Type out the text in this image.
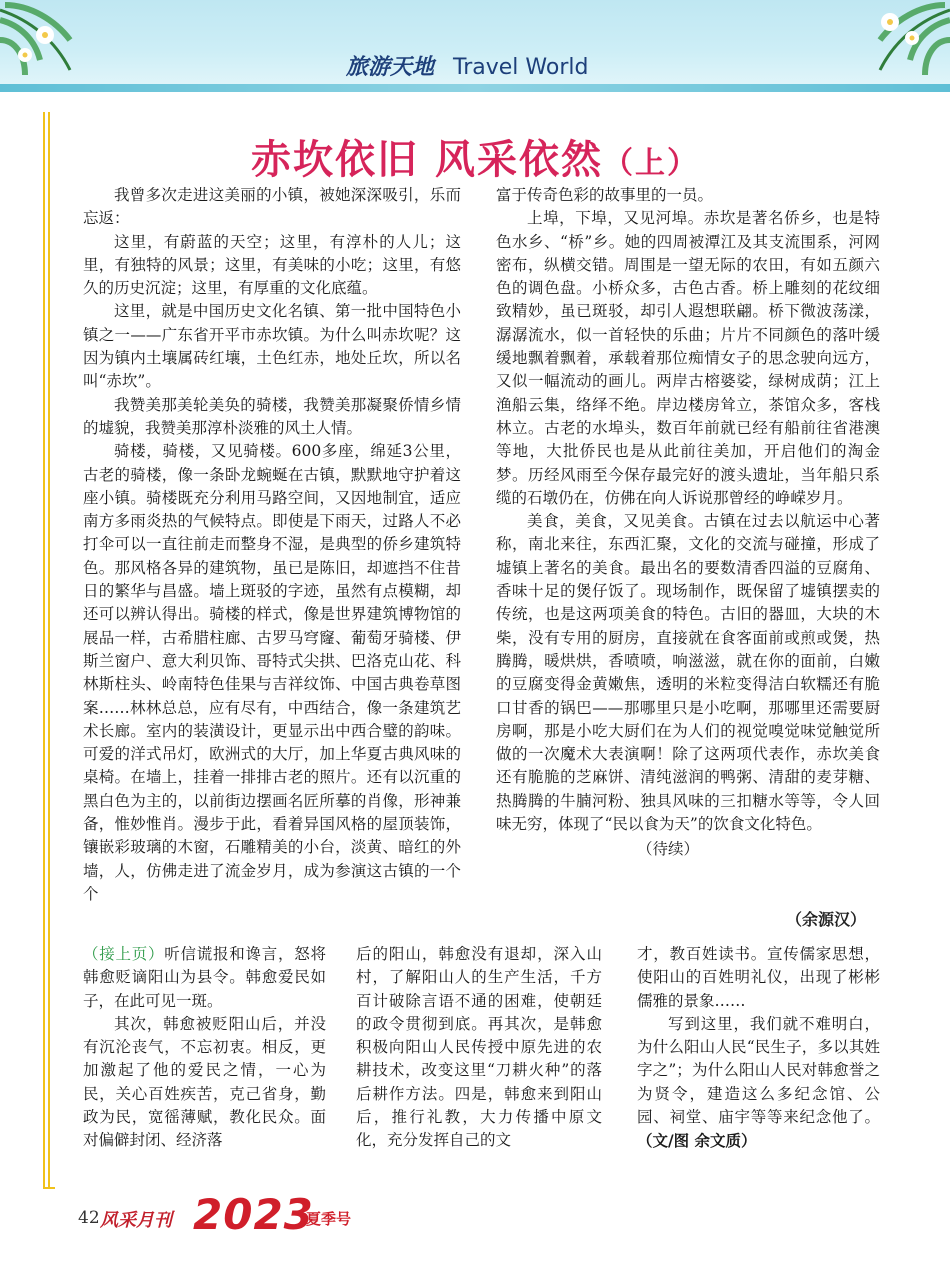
旅游天地 Travel World
赤坎依旧 风采依然（上）

我曾多次走进这美丽的小镇，被她深深吸引，乐而忘返：

这里，有蔚蓝的天空；这里，有淳朴的人儿；这里，有独特的风景；这里，有美味的小吃；这里，有悠久的历史沉淀；这里，有厚重的文化底蕴。

这里，就是中国历史文化名镇、第一批中国特色小镇之一——广东省开平市赤坎镇。为什么叫赤坎呢？这因为镇内土壤属砖红壤，土色红赤，地处丘坎，所以名叫“赤坎”。

我赞美那美轮美奂的骑楼，我赞美那凝聚侨情乡情的墟貌，我赞美那淳朴淡雅的风土人情。

骑楼，骑楼，又见骑楼。600多座，绵延3公里，古老的骑楼，像一条卧龙蜿蜒在古镇，默默地守护着这座小镇。骑楼既充分利用马路空间，又因地制宜，适应南方多雨炎热的气候特点。即使是下雨天，过路人不必打伞可以一直往前走而整身不湿，是典型的侨乡建筑特色。那风格各异的建筑物，虽已是陈旧，却遮挡不住昔日的繁华与昌盛。墙上斑驳的字迹，虽然有点模糊，却还可以辨认得出。骑楼的样式，像是世界建筑博物馆的展品一样，古希腊柱廊、古罗马穹窿、葡萄牙骑楼、伊斯兰窗户、意大利贝饰、哥特式尖拱、巴洛克山花、科林斯柱头、岭南特色佳果与吉祥纹饰、中国古典卷草图案……林林总总，应有尽有，中西结合，像一条建筑艺术长廊。室内的装潢设计，更显示出中西合璧的韵味。可爱的洋式吊灯，欧洲式的大厅，加上华夏古典风味的桌椅。在墙上，挂着一排排古老的照片。还有以沉重的黑白色为主的，以前街边摆画名匠所摹的肖像，形神兼备，惟妙惟肖。漫步于此，看着异国风格的屋顶装饰，镶嵌彩玻璃的木窗，石雕精美的小台，淡黄、暗红的外墙，人，仿佛走进了流金岁月，成为参演这古镇的一个个

富于传奇色彩的故事里的一员。

上埠，下埠，又见河埠。赤坎是著名侨乡，也是特色水乡、“桥”乡。她的四周被潭江及其支流围系，河网密布，纵横交错。周围是一望无际的农田，有如五颜六色的调色盘。小桥众多，古色古香。桥上雕刻的花纹细致精妙，虽已斑驳，却引人遐想联翩。桥下微波荡漾，潺潺流水，似一首轻快的乐曲；片片不同颜色的落叶缓缓地飘着飘着，承载着那位痴情女子的思念驶向远方，又似一幅流动的画儿。两岸古榕婆娑，绿树成荫；江上渔船云集，络绎不绝。岸边楼房耸立，茶馆众多，客栈林立。古老的水埠头，数百年前就已经有船前往省港澳等地，大批侨民也是从此前往美加，开启他们的淘金梦。历经风雨至今保存最完好的渡头遗址，当年船只系缆的石墩仍在，仿佛在向人诉说那曾经的峥嵘岁月。

美食，美食，又见美食。古镇在过去以航运中心著称，南北来往，东西汇聚，文化的交流与碰撞，形成了墟镇上著名的美食。最出名的要数清香四溢的豆腐角、香味十足的煲仔饭了。现场制作，既保留了墟镇摆卖的传统，也是这两项美食的特色。古旧的器皿，大块的木柴，没有专用的厨房，直接就在食客面前或煎或煲，热腾腾，暖烘烘，香喷喷，响滋滋，就在你的面前，白嫩的豆腐变得金黄嫩焦，透明的米粒变得洁白软糯还有脆口甘香的锅巴——那哪里只是小吃啊，那哪里还需要厨房啊，那是小吃大厨们在为人们的视觉嗅觉味觉触觉所做的一次魔术大表演啊！除了这两项代表作，赤坎美食还有脆脆的芝麻饼、清纯滋润的鸭粥、清甜的麦芽糖、热腾腾的牛腩河粉、独具风味的三扣糖水等等，令人回味无穷，体现了“民以食为天”的饮食文化特色。

（待续）

（余源汉）

（接上页）听信谎报和谗言，怒将韩愈贬谪阳山为县令。韩愈爱民如子，在此可见一斑。

其次，韩愈被贬阳山后，并没有沉沦丧气，不忘初衷。相反，更加激起了他的爱民之情，一心为民，关心百姓疾苦，克己省身，勤政为民，宽徭薄赋，教化民众。面对偏僻封闭、经济落

后的阳山，韩愈没有退却，深入山村，了解阳山人的生产生活，千方百计破除言语不通的困难，使朝廷的政令贯彻到底。再其次，是韩愈积极向阳山人民传授中原先进的农耕技术，改变这里“刀耕火种”的落后耕作方法。四是，韩愈来到阳山后，推行礼教，大力传播中原文化，充分发挥自己的文

才，教百姓读书。宣传儒家思想，使阳山的百姓明礼仪，出现了彬彬儒雅的景象……

写到这里，我们就不难明白，为什么阳山人民“民生子，多以其姓字之”；为什么阳山人民对韩愈誉之为贤令，建造这么多纪念馆、公园、祠堂、庙宇等等来纪念他了。（文/图 余文质）

42 风采月刊 2023
夏季号
